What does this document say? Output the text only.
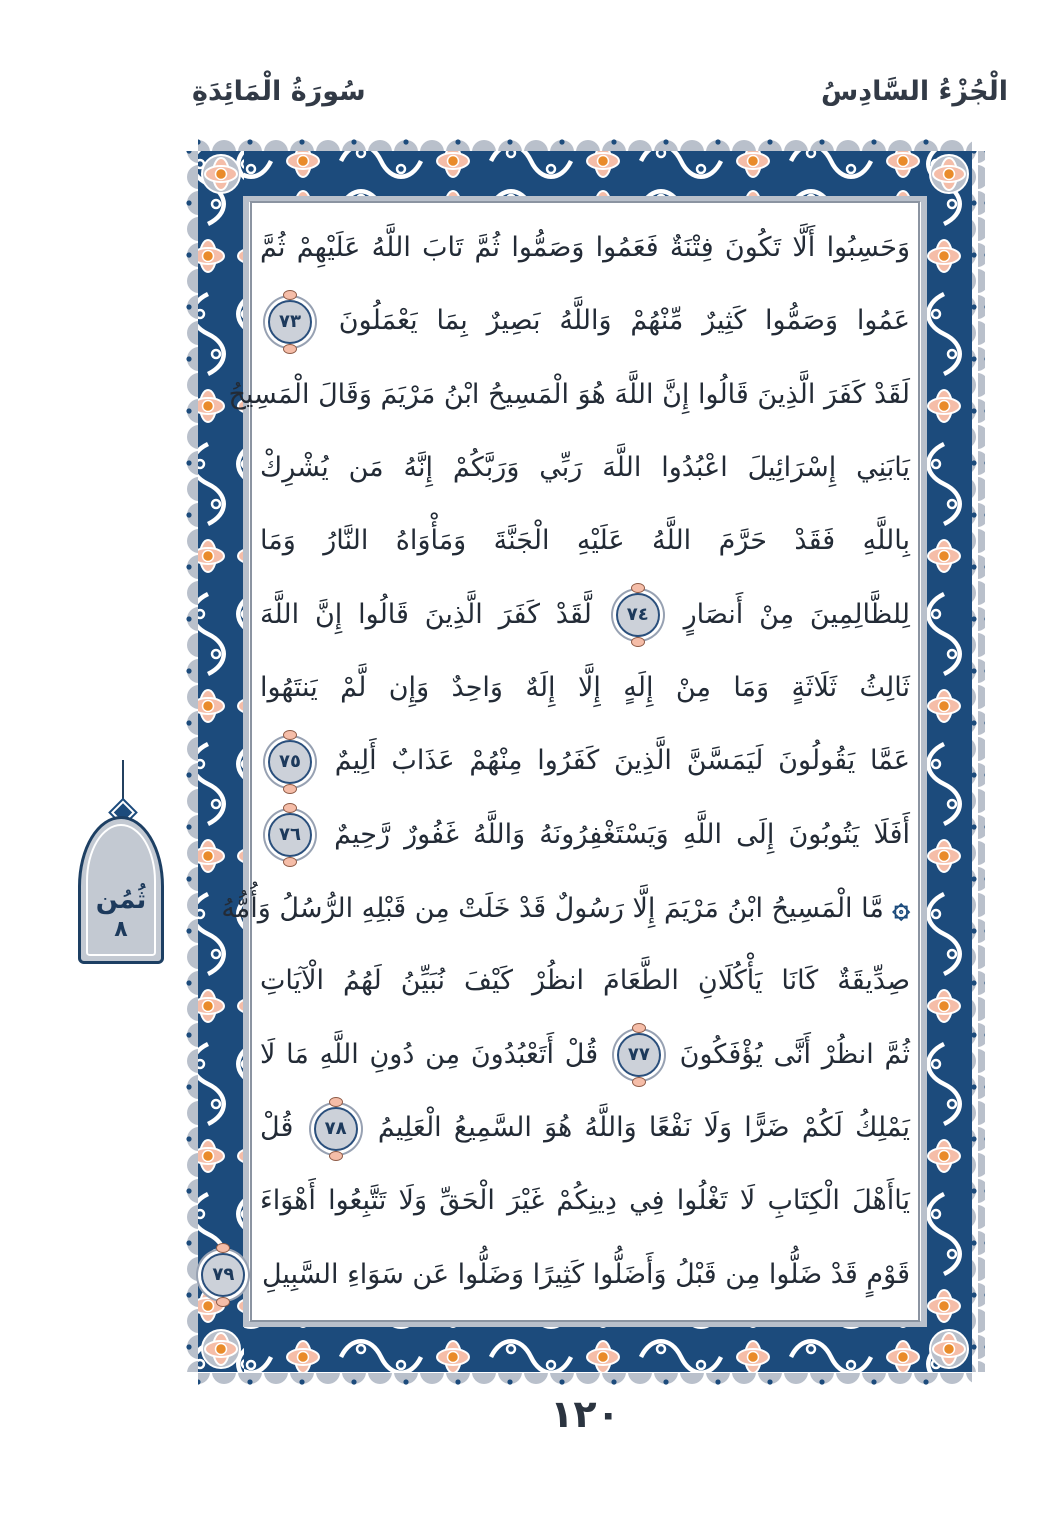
سُورَةُ الْمَائِدَةِ	الْجُزْءُ السَّادِسُ
وَحَسِبُوا أَلَّا تَكُونَ فِتْنَةٌ فَعَمُوا وَصَمُّوا ثُمَّ تَابَ اللَّهُ عَلَيْهِمْ ثُمَّ
عَمُوا وَصَمُّوا كَثِيرٌ مِّنْهُمْ وَاللَّهُ بَصِيرٌ بِمَا يَعْمَلُونَ ٧٣
لَقَدْ كَفَرَ الَّذِينَ قَالُوا إِنَّ اللَّهَ هُوَ الْمَسِيحُ ابْنُ مَرْيَمَ وَقَالَ الْمَسِيحُ
يَابَنِي إِسْرَائِيلَ اعْبُدُوا اللَّهَ رَبِّي وَرَبَّكُمْ إِنَّهُ مَن يُشْرِكْ
بِاللَّهِ فَقَدْ حَرَّمَ اللَّهُ عَلَيْهِ الْجَنَّةَ وَمَأْوَاهُ النَّارُ وَمَا
لِلظَّالِمِينَ مِنْ أَنصَارٍ ٧٤ لَّقَدْ كَفَرَ الَّذِينَ قَالُوا إِنَّ اللَّهَ
ثَالِثُ ثَلَاثَةٍ وَمَا مِنْ إِلَهٍ إِلَّا إِلَهٌ وَاحِدٌ وَإِن لَّمْ يَنتَهُوا
عَمَّا يَقُولُونَ لَيَمَسَّنَّ الَّذِينَ كَفَرُوا مِنْهُمْ عَذَابٌ أَلِيمٌ ٧٥
أَفَلَا يَتُوبُونَ إِلَى اللَّهِ وَيَسْتَغْفِرُونَهُ وَاللَّهُ غَفُورٌ رَّحِيمٌ ٧٦
۞ مَّا الْمَسِيحُ ابْنُ مَرْيَمَ إِلَّا رَسُولٌ قَدْ خَلَتْ مِن قَبْلِهِ الرُّسُلُ وَأُمُّهُ
صِدِّيقَةٌ كَانَا يَأْكُلَانِ الطَّعَامَ انظُرْ كَيْفَ نُبَيِّنُ لَهُمُ الْآيَاتِ
ثُمَّ انظُرْ أَنَّى يُؤْفَكُونَ ٧٧ قُلْ أَتَعْبُدُونَ مِن دُونِ اللَّهِ مَا لَا
يَمْلِكُ لَكُمْ ضَرًّا وَلَا نَفْعًا وَاللَّهُ هُوَ السَّمِيعُ الْعَلِيمُ ٧٨ قُلْ
يَاأَهْلَ الْكِتَابِ لَا تَغْلُوا فِي دِينِكُمْ غَيْرَ الْحَقِّ وَلَا تَتَّبِعُوا أَهْوَاءَ
قَوْمٍ قَدْ ضَلُّوا مِن قَبْلُ وَأَضَلُّوا كَثِيرًا وَضَلُّوا عَن سَوَاءِ السَّبِيلِ ٧٩
ثُمُن
٨
١٢٠
